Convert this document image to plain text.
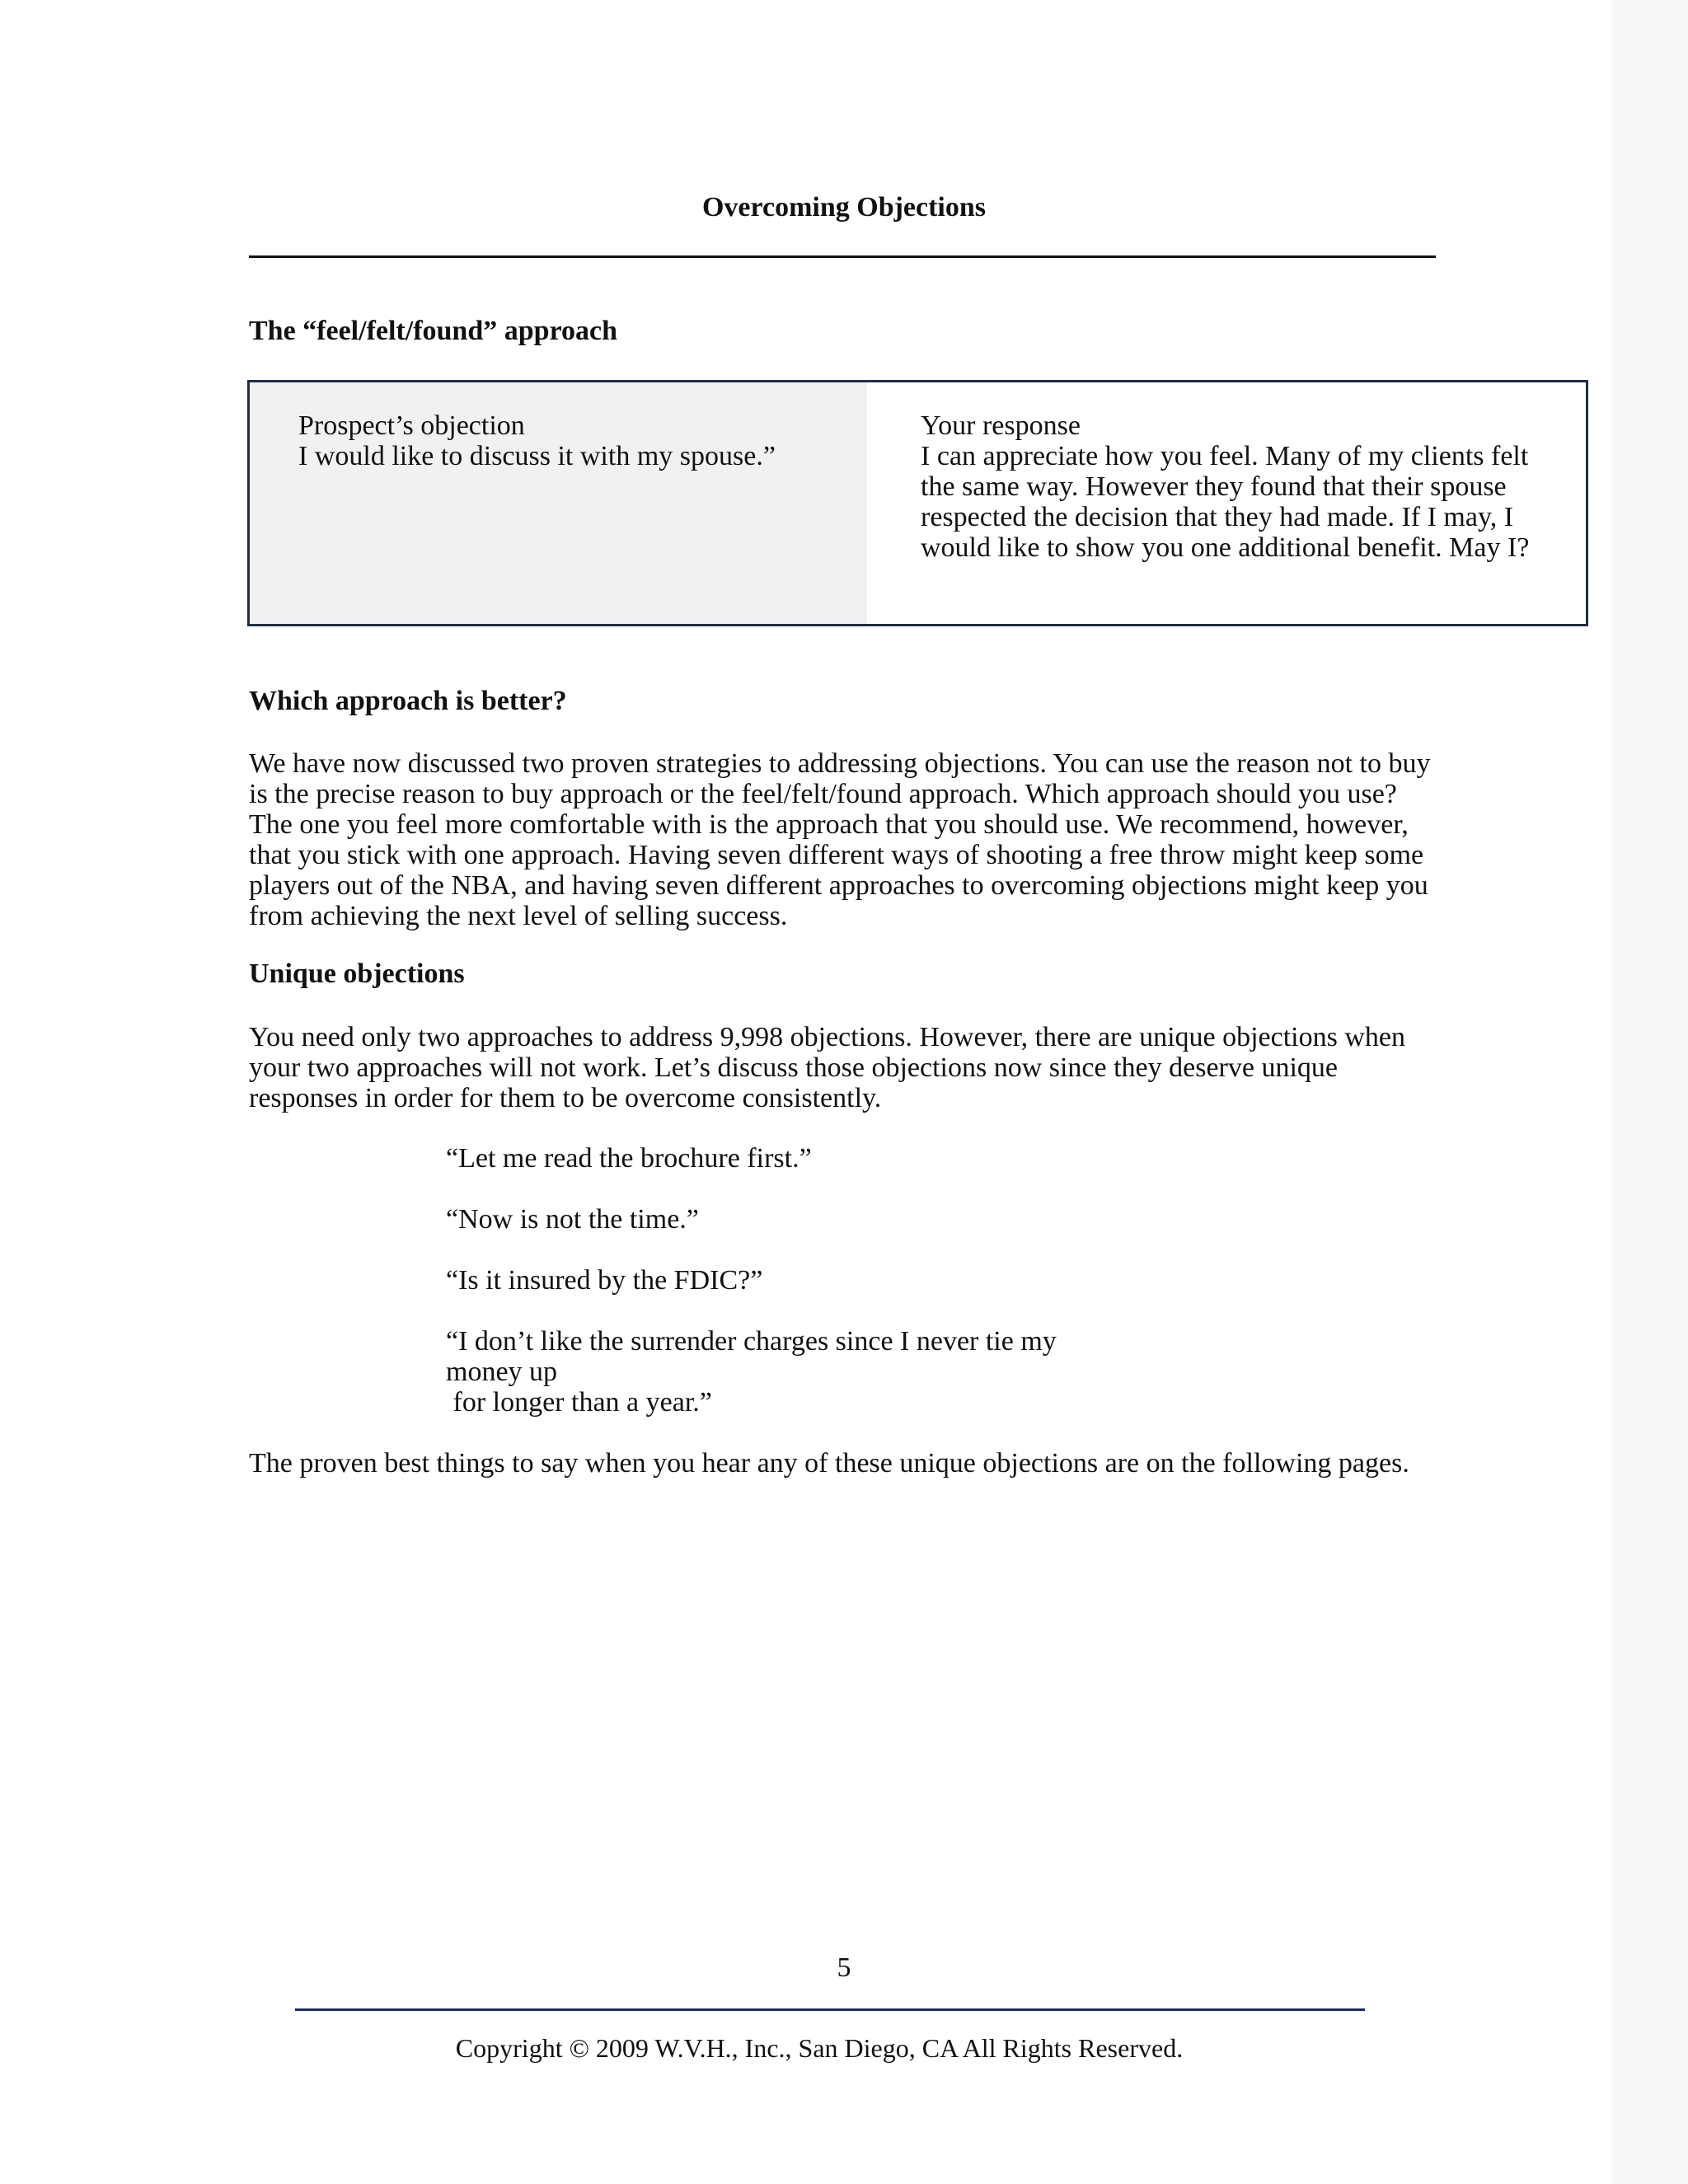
Overcoming Objections
The “feel/felt/found” approach
Prospect’s objection
I would like to discuss it with my spouse.”
Your response
I can appreciate how you feel. Many of my clients felt the same way. However they found that their spouse respected the decision that they had made. If I may, I would like to show you one additional benefit. May I?
Which approach is better?
We have now discussed two proven strategies to addressing objections. You can use the reason not to buy is the precise reason to buy approach or the feel/felt/found approach. Which approach should you use? The one you feel more comfortable with is the approach that you should use. We recommend, however, that you stick with one approach. Having seven different ways of shooting a free throw might keep some players out of the NBA, and having seven different approaches to overcoming objections might keep you from achieving the next level of selling success.
Unique objections
You need only two approaches to address 9,998 objections. However, there are unique objections when your two approaches will not work. Let’s discuss those objections now since they deserve unique responses in order for them to be overcome consistently.
“Let me read the brochure first.”
“Now is not the time.”
“Is it insured by the FDIC?”
“I don’t like the surrender charges since I never tie my
money up
for longer than a year.”
The proven best things to say when you hear any of these unique objections are on the following pages.
5
Copyright © 2009 W.V.H., Inc., San Diego, CA All Rights Reserved.
